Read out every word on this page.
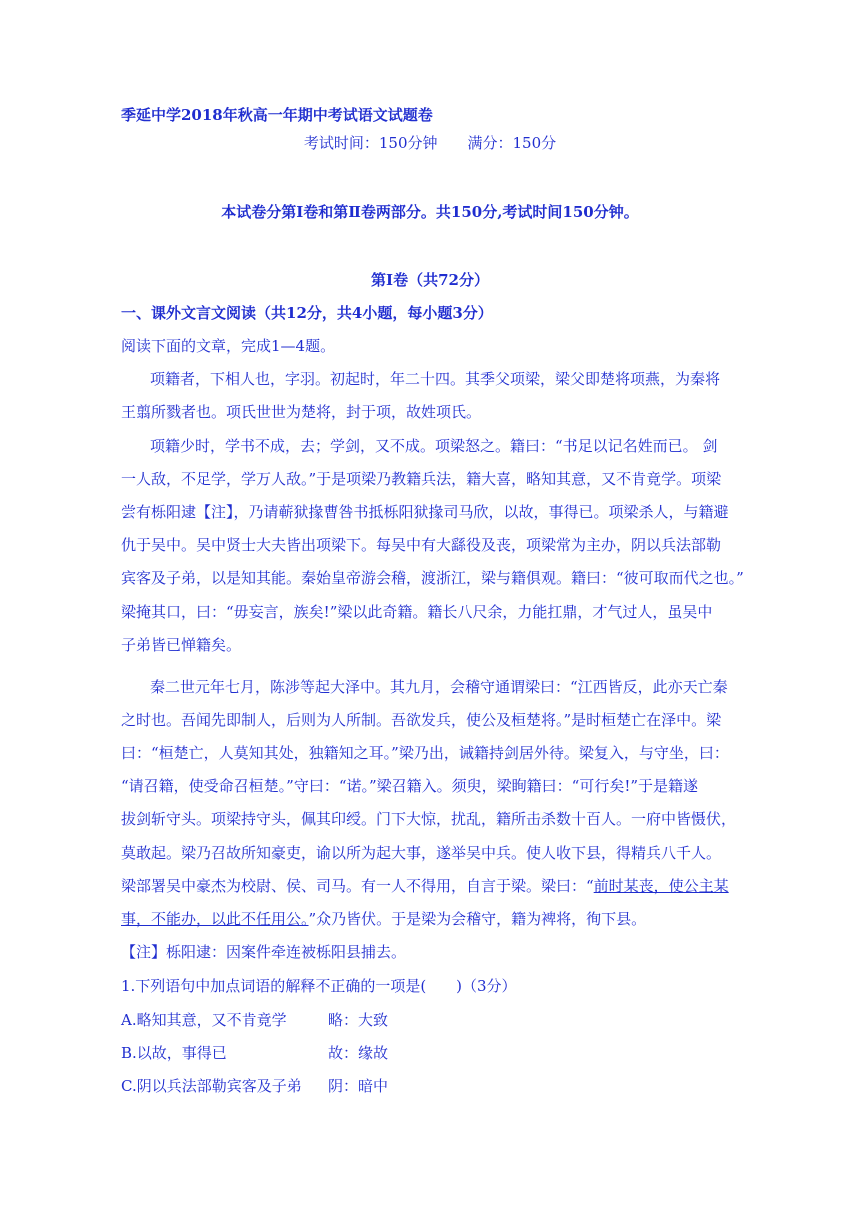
季延中学2018年秋高一年期中考试语文试题卷
考试时间：150分钟　　满分：150分
本试卷分第Ⅰ卷和第Ⅱ卷两部分。共150分,考试时间150分钟。
第Ⅰ卷（共72分）
一、课外文言文阅读（共12分，共4小题，每小题3分）
阅读下面的文章，完成1—4题。
项籍者，下相人也，字羽。初起时，年二十四。其季父项梁，梁父即楚将项燕，为秦将
王翦所戮者也。项氏世世为楚将，封于项，故姓项氏。
项籍少时，学书不成，去；学剑，又不成。项梁怒之。籍曰：“书足以记名姓而已。 剑
一人敌，不足学，学万人敌。”于是项梁乃教籍兵法，籍大喜，略知其意，又不肯竟学。项梁
尝有栎阳逮【注】，乃请蕲狱掾曹咎书抵栎阳狱掾司马欣，以故，事得已。项梁杀人，与籍避
仇于吴中。吴中贤士大夫皆出项梁下。每吴中有大繇役及丧，项梁常为主办，阴以兵法部勒
宾客及子弟，以是知其能。秦始皇帝游会稽，渡浙江，梁与籍俱观。籍曰：“彼可取而代之也。”
梁掩其口，曰：“毋妄言，族矣!”梁以此奇籍。籍长八尺余，力能扛鼎，才气过人，虽吴中
子弟皆已惮籍矣。
秦二世元年七月，陈涉等起大泽中。其九月，会稽守通谓梁曰：“江西皆反，此亦天亡秦
之时也。吾闻先即制人，后则为人所制。吾欲发兵，使公及桓楚将。”是时桓楚亡在泽中。梁
曰：“桓楚亡，人莫知其处，独籍知之耳。”梁乃出，诫籍持剑居外待。梁复入，与守坐，曰：
“请召籍，使受命召桓楚。”守曰：“诺。”梁召籍入。须臾，梁眴籍曰：“可行矣!”于是籍遂
拔剑斩守头。项梁持守头，佩其印绶。门下大惊，扰乱，籍所击杀数十百人。一府中皆慑伏，
莫敢起。梁乃召故所知豪吏，谕以所为起大事，遂举吴中兵。使人收下县，得精兵八千人。
梁部署吴中豪杰为校尉、侯、司马。有一人不得用，自言于梁。梁曰：“前时某丧，使公主某
事，不能办，以此不任用公。”众乃皆伏。于是梁为会稽守，籍为裨将，徇下县。
【注】栎阳逮：因案件牵连被栎阳县捕去。
1.下列语句中加点词语的解释不正确的一项是(　　)（3分）
A.略知其意，又不肯竟学	略：大致
B.以故，事得已	故：缘故
C.阴以兵法部勒宾客及子弟 阴：暗中
